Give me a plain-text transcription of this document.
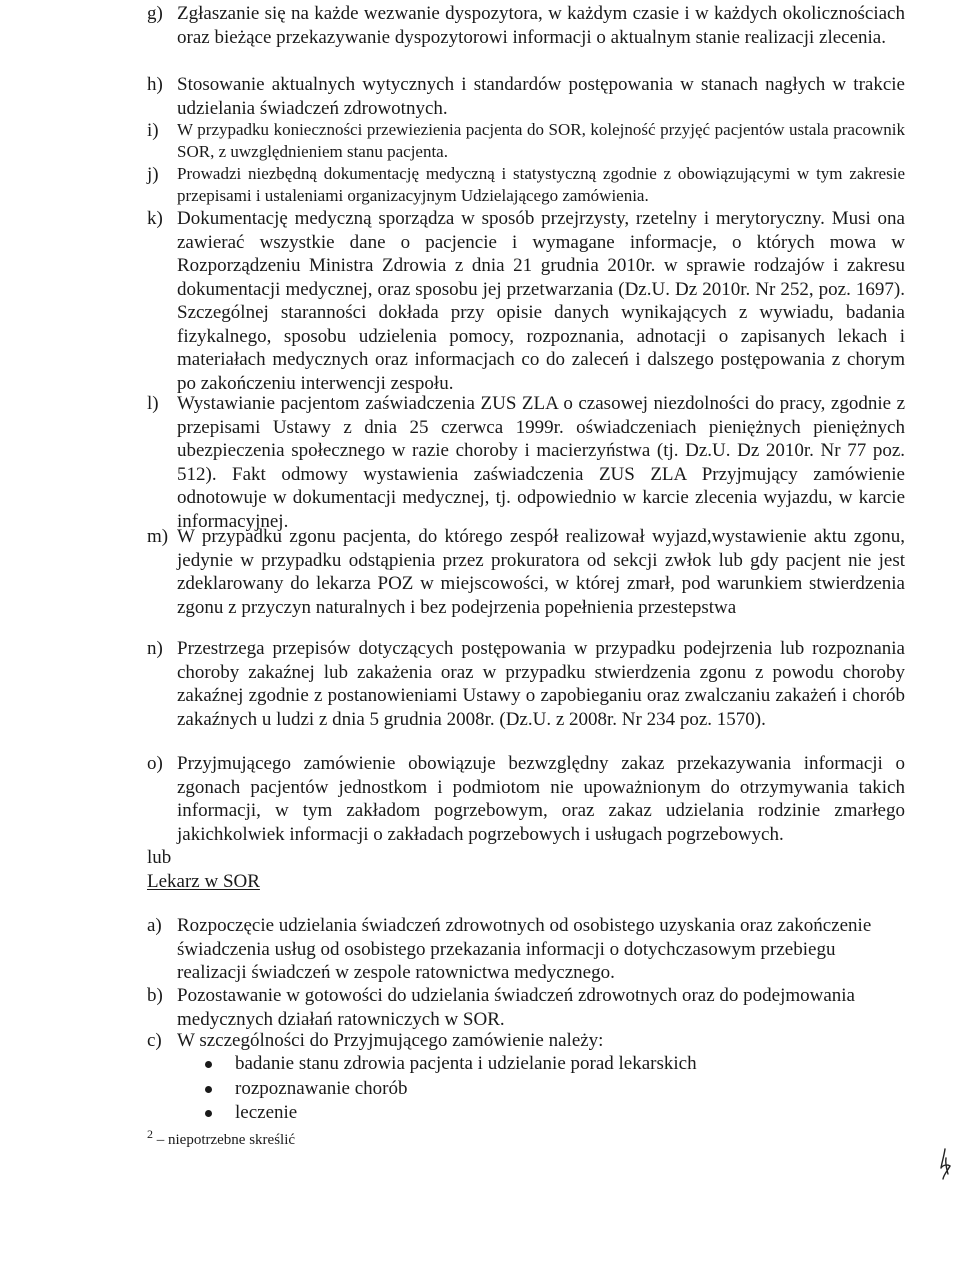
g) Zgłaszanie się na każde wezwanie dyspozytora, w każdym czasie i w każdych okolicznościach oraz bieżące przekazywanie dyspozytorowi informacji o aktualnym stanie realizacji zlecenia.
h) Stosowanie aktualnych wytycznych i standardów postępowania w stanach nagłych w trakcie udzielania świadczeń zdrowotnych.
i) W przypadku konieczności przewiezienia pacjenta do SOR, kolejność przyjęć pacjentów ustala pracownik SOR, z uwzględnieniem stanu pacjenta.
j) Prowadzi niezbędną dokumentację medyczną i statystyczną zgodnie z obowiązującymi w tym zakresie przepisami i ustaleniami organizacyjnym Udzielającego zamówienia.
k) Dokumentację medyczną sporządza w sposób przejrzysty, rzetelny i merytoryczny. Musi ona zawierać wszystkie dane o pacjencie i wymagane informacje, o których mowa w Rozporządzeniu Ministra Zdrowia z dnia 21 grudnia 2010r. w sprawie rodzajów i zakresu dokumentacji medycznej, oraz sposobu jej przetwarzania (Dz.U. Dz 2010r. Nr 252, poz. 1697). Szczególnej staranności dokłada przy opisie danych wynikających z wywiadu, badania fizykalnego, sposobu udzielenia pomocy, rozpoznania, adnotacji o zapisanych lekach i materiałach medycznych oraz informacjach co do zaleceń i dalszego postępowania z chorym po zakończeniu interwencji zespołu.
l) Wystawianie pacjentom zaświadczenia ZUS ZLA o czasowej niezdolności do pracy, zgodnie z przepisami Ustawy z dnia 25 czerwca 1999r. oświadczeniach pieniężnych pieniężnych ubezpieczenia społecznego w razie choroby i macierzyństwa (tj. Dz.U. Dz 2010r. Nr 77 poz. 512). Fakt odmowy wystawienia zaświadczenia ZUS ZLA Przyjmujący zamówienie odnotowuje w dokumentacji medycznej, tj. odpowiednio w karcie zlecenia wyjazdu, w karcie informacyjnej.
m) W przypadku zgonu pacjenta, do którego zespół realizował wyjazd,wystawienie aktu zgonu, jedynie w przypadku odstąpienia przez prokuratora od sekcji zwłok lub gdy pacjent nie jest zdeklarowany do lekarza POZ w miejscowości, w której zmarł, pod warunkiem stwierdzenia zgonu z przyczyn naturalnych i bez podejrzenia popełnienia przestepstwa
n) Przestrzega przepisów dotyczących postępowania w przypadku podejrzenia lub rozpoznania choroby zakaźnej lub zakażenia oraz w przypadku stwierdzenia zgonu z powodu choroby zakaźnej zgodnie z postanowieniami Ustawy o zapobieganiu oraz zwalczaniu zakażeń i chorób zakaźnych u ludzi z dnia 5 grudnia 2008r. (Dz.U. z 2008r. Nr 234 poz. 1570).
o) Przyjmującego zamówienie obowiązuje bezwzględny zakaz przekazywania informacji o zgonach pacjentów jednostkom i podmiotom nie upoważnionym do otrzymywania takich informacji, w tym zakładom pogrzebowym, oraz zakaz udzielania rodzinie zmarłego jakichkolwiek informacji o zakładach pogrzebowych i usługach pogrzebowych.
lub
Lekarz w SOR
a) Rozpoczęcie udzielania świadczeń zdrowotnych od osobistego uzyskania oraz zakończenie świadczenia usług od osobistego przekazania informacji o dotychczasowym przebiegu realizacji świadczeń w zespole ratownictwa medycznego.
b) Pozostawanie w gotowości do udzielania świadczeń zdrowotnych oraz do podejmowania medycznych działań ratowniczych w SOR.
c) W szczególności do Przyjmującego zamówienie należy:
badanie stanu zdrowia pacjenta i udzielanie porad lekarskich
rozpoznawanie chorób
leczenie
$^2$ – niepotrzebne skreślić
